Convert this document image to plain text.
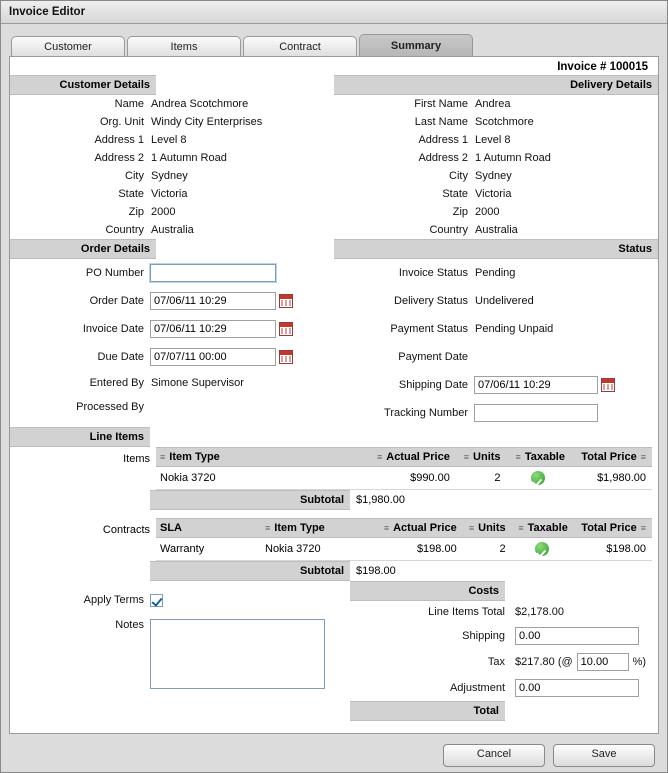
Invoice Editor
Customer	Items	Contract	Summary
Invoice # 100015
Customer Details
Name Andrea Scotchmore
Org. Unit Windy City Enterprises
Address 1 Level 8
Address 2 1 Autumn Road
City Sydney
State Victoria
Zip 2000
Country Australia
Delivery Details
First Name Andrea
Last Name Scotchmore
Address 1 Level 8
Address 2 1 Autumn Road
City Sydney
State Victoria
Zip 2000
Country Australia
Order Details
PO Number
Order Date
07/06/11 10:29
Invoice Date
07/06/11 10:29
Due Date
07/07/11 00:00
Entered By Simone Supervisor
Processed By
Status
Invoice Status Pending
Delivery Status Undelivered
Payment Status Pending Unpaid
Payment Date
Shipping Date
07/06/11 10:29
Tracking Number
Line Items
Items	≡ Item Type	≡ Actual Price	≡ Units	≡ Taxable	Total Price ≡
Nokia 3720	$990.00	2		$1,980.00
Subtotal	$1,980.00
Contracts SLA	≡ Item Type	≡ Actual Price	≡ Units	≡ Taxable	Total Price ≡
Warranty	Nokia 3720	$198.00	2		$198.00
Subtotal	$198.00
Apply Terms
Notes
Costs
Line Items Total $2,178.00
Shipping
0.00
Tax $217.80 (@
10.00	%)
Adjustment
0.00
Total
Cancel	Save
